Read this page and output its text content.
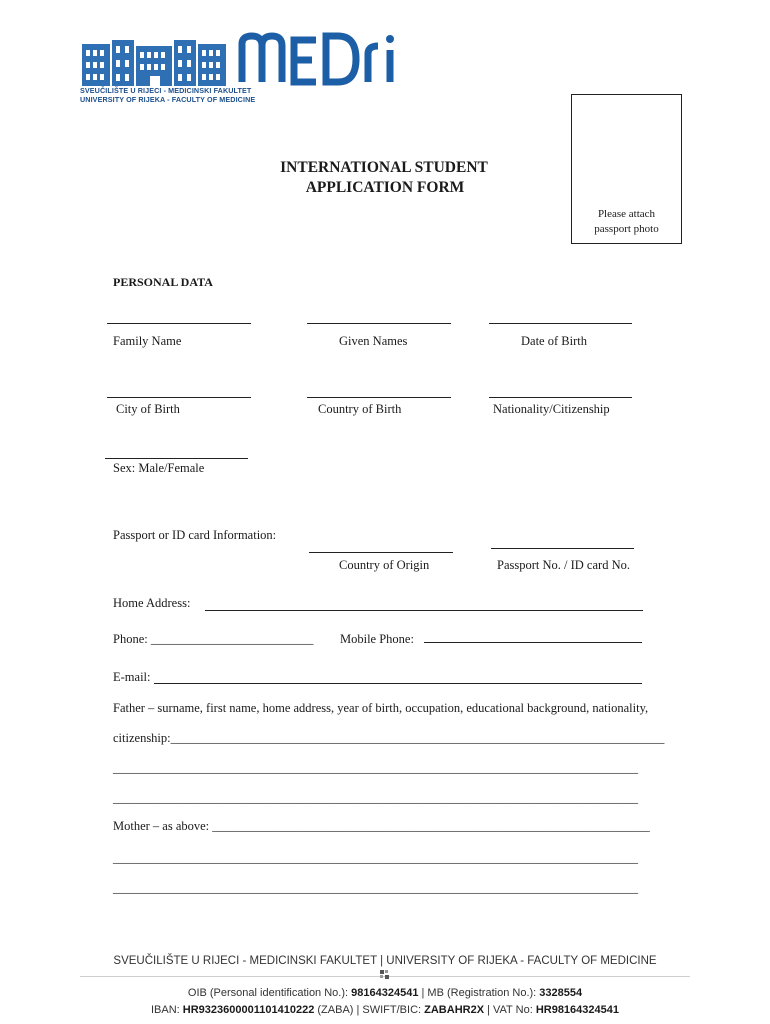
SVEUČILIŠTE U RIJECI - MEDICINSKI FAKULTET
UNIVERSITY OF RIJEKA - FACULTY OF MEDICINE
Please attach
passport photo
INTERNATIONAL STUDENT
APPLICATION FORM
PERSONAL DATA
Family Name	Given Names	Date of Birth
City of Birth	Country of Birth	Nationality/Citizenship
Sex: Male/Female
Passport or ID card Information:
Country of Origin	Passport No. / ID card No.
Home Address:
Phone: __________________________ Mobile Phone:
E-mail:
Father – surname, first name, home address, year of birth, occupation, educational background, nationality,
citizenship:_______________________________________________________________________________
____________________________________________________________________________________
____________________________________________________________________________________
Mother – as above: ______________________________________________________________________
____________________________________________________________________________________
____________________________________________________________________________________
SVEUČILIŠTE U RIJECI - MEDICINSKI FAKULTET | UNIVERSITY OF RIJEKA - FACULTY OF MEDICINE
OIB (Personal identification No.): 98164324541 | MB (Registration No.): 3328554
IBAN: HR9323600001101410222 (ZABA) | SWIFT/BIC: ZABAHR2X | VAT No: HR98164324541
